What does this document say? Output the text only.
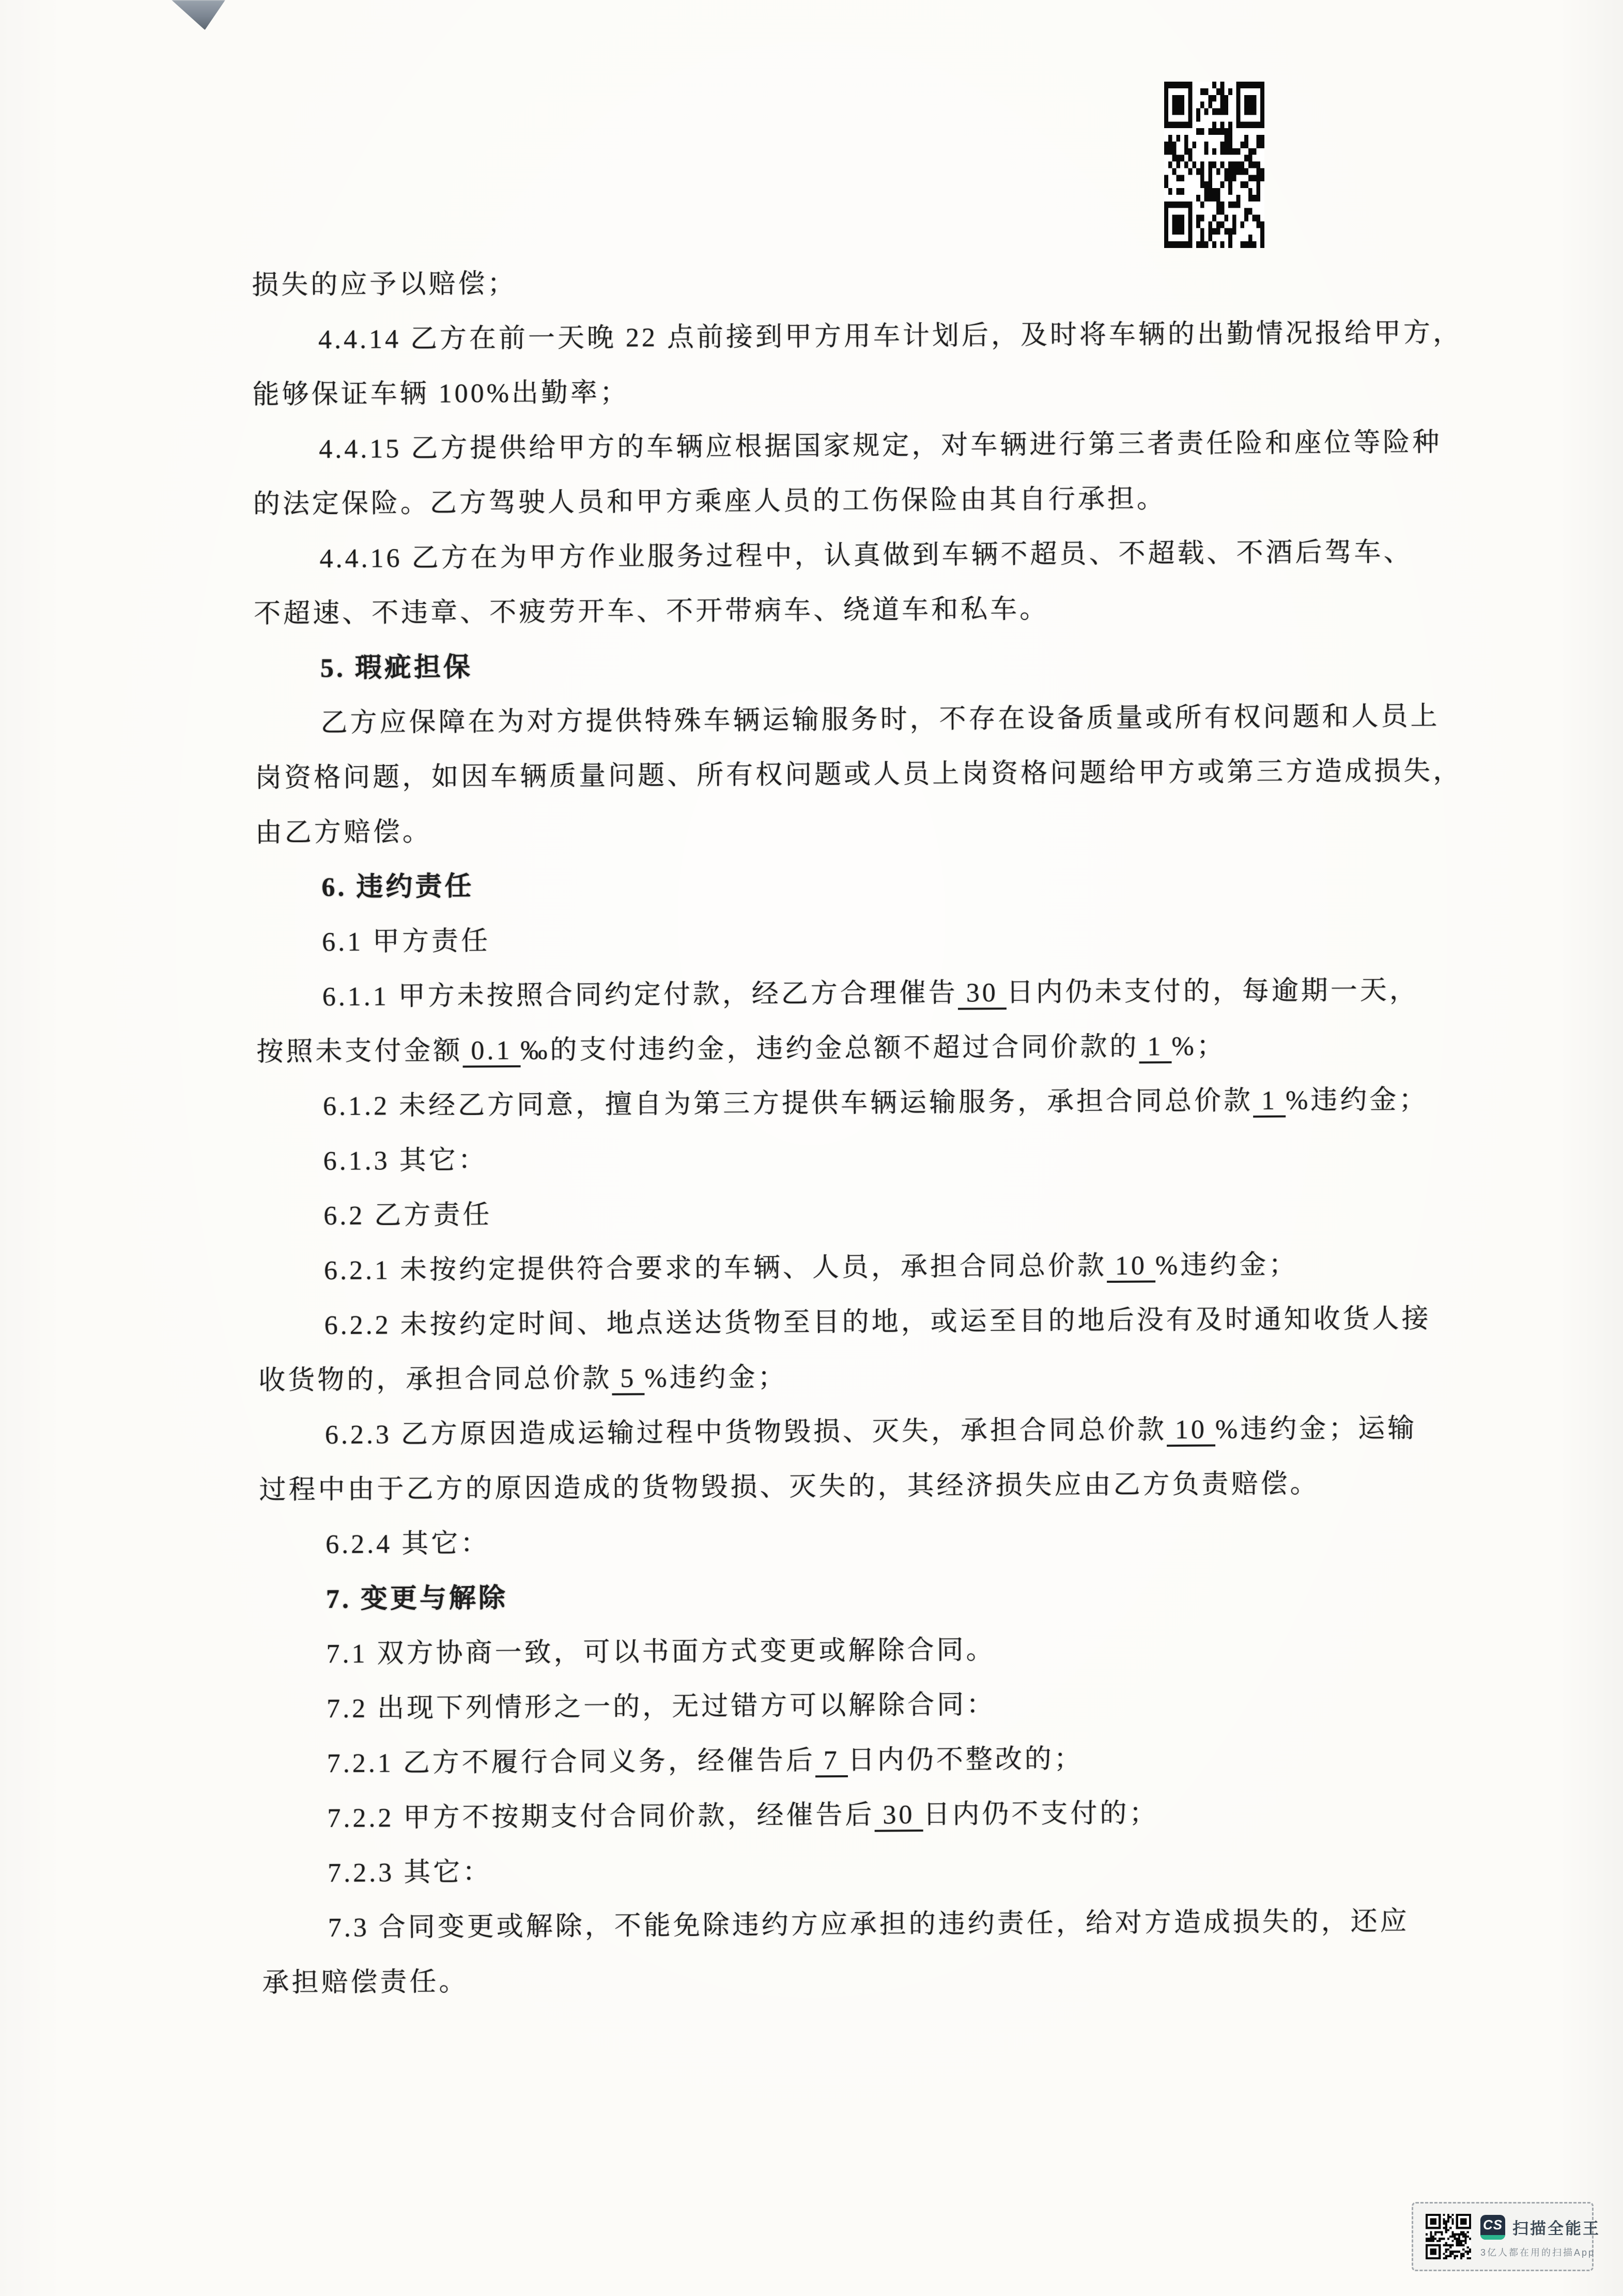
损失的应予以赔偿；
4.4.14 乙方在前一天晚 22 点前接到甲方用车计划后，及时将车辆的出勤情况报给甲方，
能够保证车辆 100%出勤率；
4.4.15 乙方提供给甲方的车辆应根据国家规定，对车辆进行第三者责任险和座位等险种
的法定保险。乙方驾驶人员和甲方乘座人员的工伤保险由其自行承担。
4.4.16 乙方在为甲方作业服务过程中，认真做到车辆不超员、不超载、不酒后驾车、
不超速、不违章、不疲劳开车、不开带病车、绕道车和私车。
5. 瑕疵担保
乙方应保障在为对方提供特殊车辆运输服务时，不存在设备质量或所有权问题和人员上
岗资格问题，如因车辆质量问题、所有权问题或人员上岗资格问题给甲方或第三方造成损失，
由乙方赔偿。
6. 违约责任
6.1 甲方责任
6.1.1 甲方未按照合同约定付款，经乙方合理催告 30 日内仍未支付的，每逾期一天，
按照未支付金额 0.1 ‰的支付违约金，违约金总额不超过合同价款的 1 %；
6.1.2 未经乙方同意，擅自为第三方提供车辆运输服务，承担合同总价款 1 %违约金；
6.1.3 其它：
6.2 乙方责任
6.2.1 未按约定提供符合要求的车辆、人员，承担合同总价款 10 %违约金；
6.2.2 未按约定时间、地点送达货物至目的地，或运至目的地后没有及时通知收货人接
收货物的，承担合同总价款 5 %违约金；
6.2.3 乙方原因造成运输过程中货物毁损、灭失，承担合同总价款 10 %违约金；运输
过程中由于乙方的原因造成的货物毁损、灭失的，其经济损失应由乙方负责赔偿。
6.2.4 其它：
7. 变更与解除
7.1 双方协商一致，可以书面方式变更或解除合同。
7.2 出现下列情形之一的，无过错方可以解除合同：
7.2.1 乙方不履行合同义务，经催告后 7 日内仍不整改的；
7.2.2 甲方不按期支付合同价款，经催告后 30 日内仍不支付的；
7.2.3 其它：
7.3 合同变更或解除，不能免除违约方应承担的违约责任，给对方造成损失的，还应
承担赔偿责任。
CS 扫描全能王
3亿人都在用的扫描App
